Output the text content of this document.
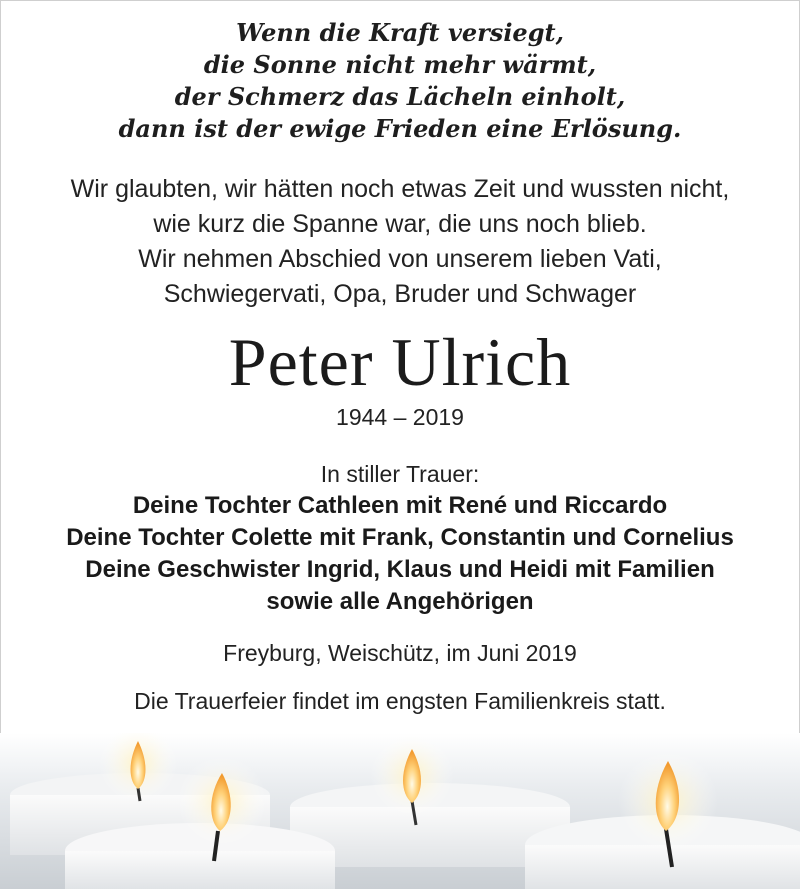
Wenn die Kraft versiegt,
die Sonne nicht mehr wärmt,
der Schmerz das Lächeln einholt,
dann ist der ewige Frieden eine Erlösung.
Wir glaubten, wir hätten noch etwas Zeit und wussten nicht,
wie kurz die Spanne war, die uns noch blieb.
Wir nehmen Abschied von unserem lieben Vati,
Schwiegervati, Opa, Bruder und Schwager
Peter Ulrich
1944 – 2019
In stiller Trauer:
Deine Tochter Cathleen mit René und Riccardo
Deine Tochter Colette mit Frank, Constantin und Cornelius
Deine Geschwister Ingrid, Klaus und Heidi mit Familien
sowie alle Angehörigen
Freyburg, Weischütz, im Juni 2019
Die Trauerfeier findet im engsten Familienkreis statt.
